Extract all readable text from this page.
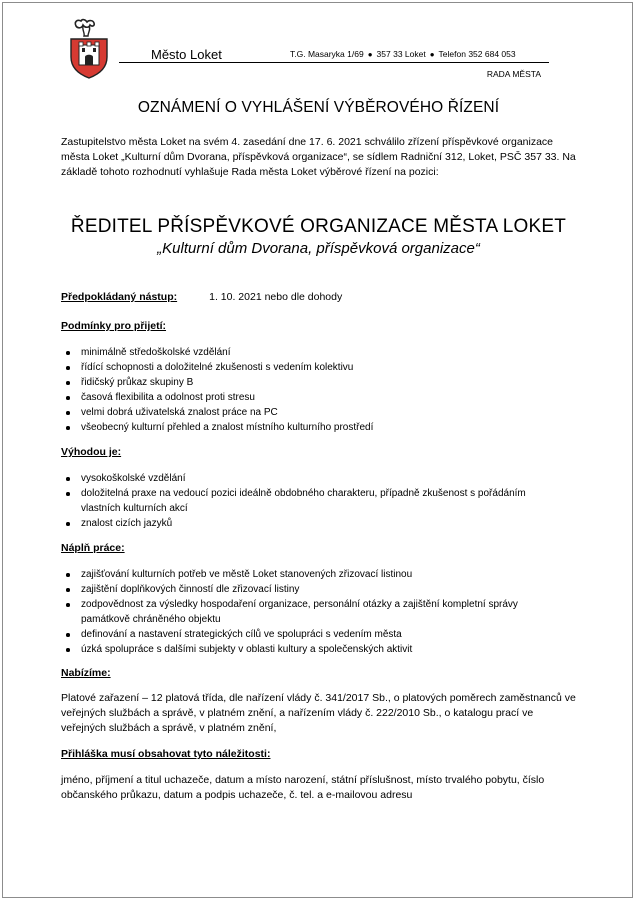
Město Loket	T.G. Masaryka 1/69 ● 357 33 Loket ● Telefon 352 684 053
RADA MĚSTA
OZNÁMENÍ O VYHLÁŠENÍ VÝBĚROVÉHO ŘÍZENÍ
Zastupitelstvo města Loket na svém 4. zasedání dne 17. 6. 2021 schválilo zřízení příspěvkové organizace města Loket „Kulturní dům Dvorana, příspěvková organizace“, se sídlem Radniční 312, Loket, PSČ 357 33. Na základě tohoto rozhodnutí vyhlašuje Rada města Loket výběrové řízení na pozici:
ŘEDITEL PŘÍSPĚVKOVÉ ORGANIZACE MĚSTA LOKET
„Kulturní dům Dvorana, příspěvková organizace“
Předpokládaný nástup:	1. 10. 2021 nebo dle dohody
Podmínky pro přijetí:
minimálně středoškolské vzdělání
řídící schopnosti a doložitelné zkušenosti s vedením kolektivu
řidičský průkaz skupiny B
časová flexibilita a odolnost proti stresu
velmi dobrá uživatelská znalost práce na PC
všeobecný kulturní přehled a znalost místního kulturního prostředí
Výhodou je:
vysokoškolské vzdělání
doložitelná praxe na vedoucí pozici ideálně obdobného charakteru, případně zkušenost s pořádáním vlastních kulturních akcí
znalost cizích jazyků
Náplň práce:
zajišťování kulturních potřeb ve městě Loket stanovených zřizovací listinou
zajištění doplňkových činností dle zřizovací listiny
zodpovědnost za výsledky hospodaření organizace, personální otázky a zajištění kompletní správy památkově chráněného objektu
definování a nastavení strategických cílů ve spolupráci s vedením města
úzká spolupráce s dalšími subjekty v oblasti kultury a společenských aktivit
Nabízíme:
Platové zařazení – 12 platová třída, dle nařízení vlády č. 341/2017 Sb., o platových poměrech zaměstnanců ve veřejných službách a správě, v platném znění, a nařízením vlády č. 222/2010 Sb., o katalogu prací ve veřejných službách a správě, v platném znění,
Přihláška musí obsahovat tyto náležitosti:
jméno, příjmení a titul uchazeče, datum a místo narození, státní příslušnost, místo trvalého pobytu, číslo občanského průkazu, datum a podpis uchazeče, č. tel. a e-mailovou adresu
